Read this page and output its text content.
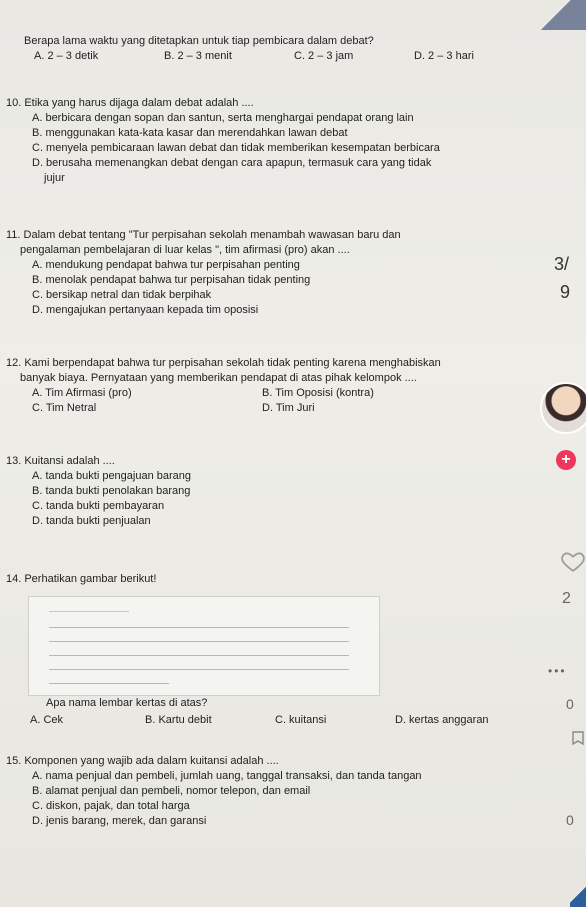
Berapa lama waktu yang ditetapkan untuk tiap pembicara dalam debat?
A. 2 – 3 detik	B. 2 – 3 menit	C. 2 – 3 jam	D. 2 – 3 hari
10. Etika yang harus dijaga dalam debat adalah ....
A. berbicara dengan sopan dan santun, serta menghargai pendapat orang lain
B. menggunakan kata-kata kasar dan merendahkan lawan debat
C. menyela pembicaraan lawan debat dan tidak memberikan kesempatan berbicara
D. berusaha memenangkan debat dengan cara apapun, termasuk cara yang tidak
jujur
11. Dalam debat tentang "Tur perpisahan sekolah menambah wawasan baru dan
pengalaman pembelajaran di luar kelas ", tim afirmasi (pro) akan ....
A. mendukung pendapat bahwa tur perpisahan penting
B. menolak pendapat bahwa tur perpisahan tidak penting
C. bersikap netral dan tidak berpihak
D. mengajukan pertanyaan kepada tim oposisi
12. Kami berpendapat bahwa tur perpisahan sekolah tidak penting karena menghabiskan
banyak biaya. Pernyataan yang memberikan pendapat di atas pihak kelompok ....
A. Tim Afirmasi (pro)	B. Tim Oposisi (kontra)
C. Tim Netral	D. Tim Juri
13. Kuitansi adalah ....
A. tanda bukti pengajuan barang
B. tanda bukti penolakan barang
C. tanda bukti pembayaran
D. tanda bukti penjualan
14. Perhatikan gambar berikut!
Apa nama lembar kertas di atas?
A. Cek	B. Kartu debit	C. kuitansi	D. kertas anggaran
15. Komponen yang wajib ada dalam kuitansi adalah ....
A. nama penjual dan pembeli, jumlah uang, tanggal transaksi, dan tanda tangan
B. alamat penjual dan pembeli, nomor telepon, dan email
C. diskon, pajak, dan total harga
D. jenis barang, merek, dan garansi
3/
9
+
2
•••
0
0
